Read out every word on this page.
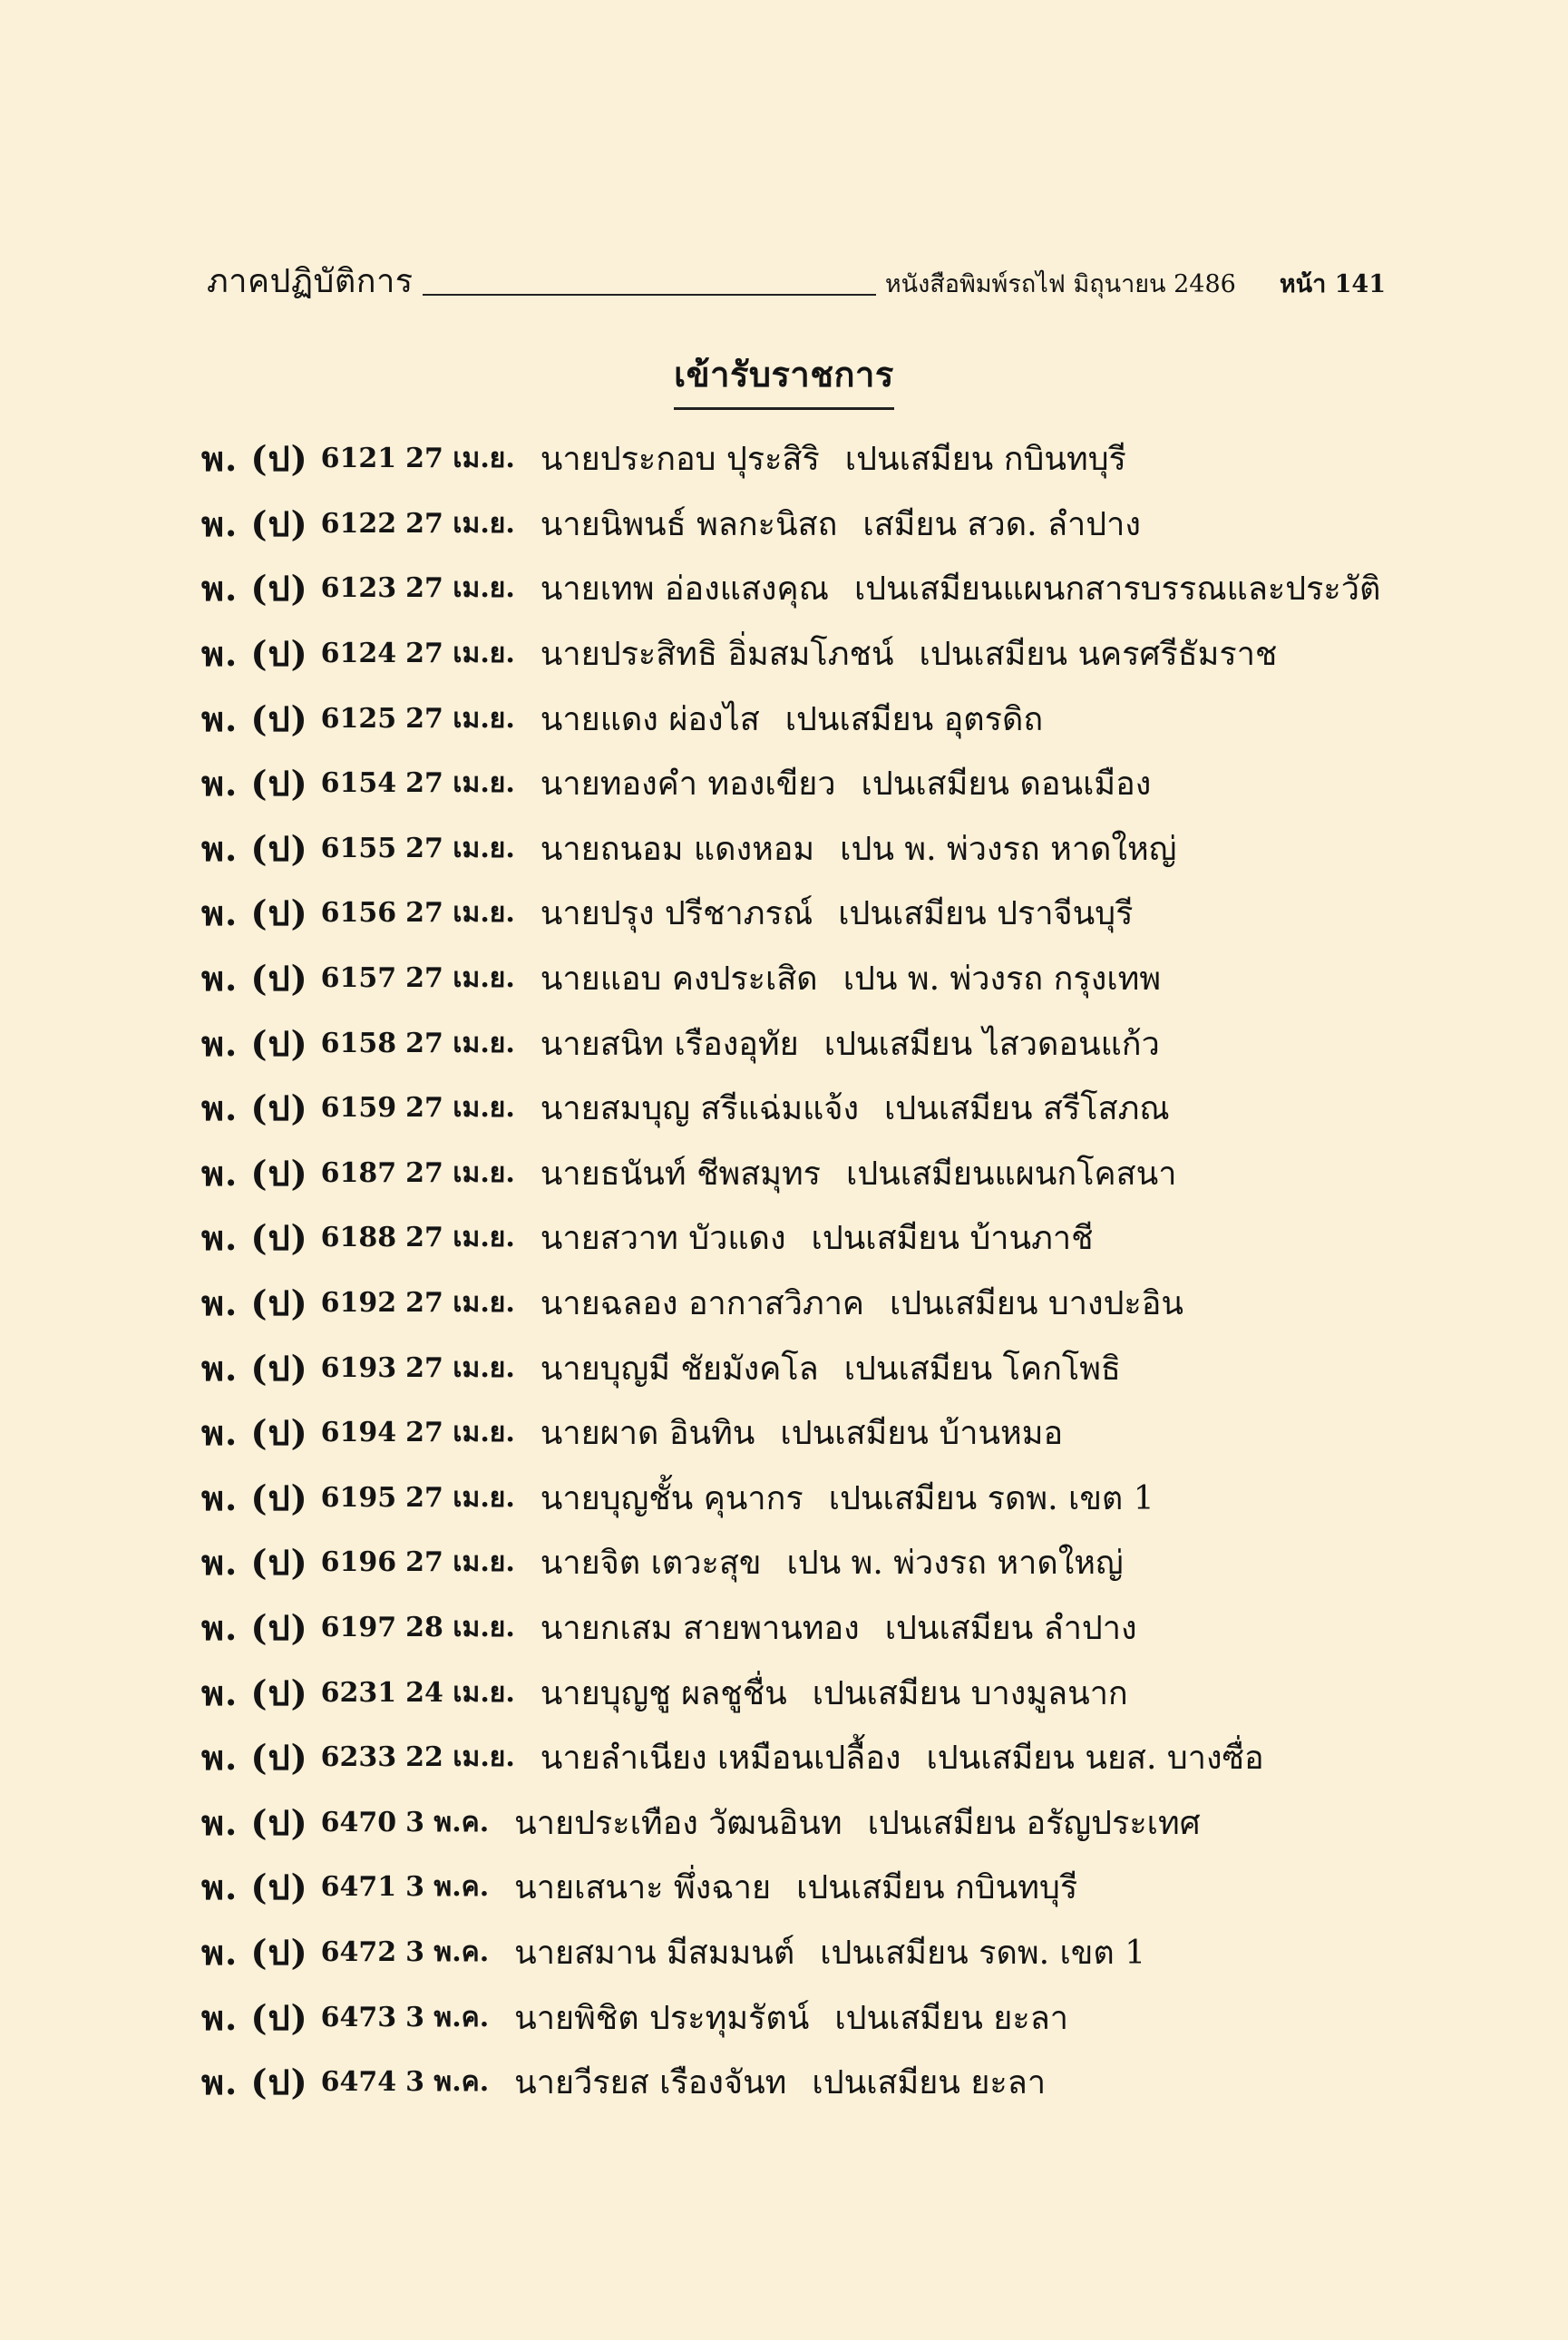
ภาคปฏิบัติการ	หนังสือพิมพ์รถไฟ มิถุนายน 2486 หน้า 141
เข้ารับราชการ
พ. (ป) 6121 27 เม.ย. นายประกอบ ปุระสิริ เปนเสมียน กบินทบุรี
พ. (ป) 6122 27 เม.ย. นายนิพนธ์ พลกะนิสถ เสมียน สวด. ลำปาง
พ. (ป) 6123 27 เม.ย. นายเทพ อ่องแสงคุณ เปนเสมียนแผนกสารบรรณและประวัติ
พ. (ป) 6124 27 เม.ย. นายประสิทธิ อิ่มสมโภชน์ เปนเสมียน นครศรีธัมราช
พ. (ป) 6125 27 เม.ย. นายแดง ผ่องไส เปนเสมียน อุตรดิถ
พ. (ป) 6154 27 เม.ย. นายทองคำ ทองเขียว เปนเสมียน ดอนเมือง
พ. (ป) 6155 27 เม.ย. นายถนอม แดงหอม เปน พ. พ่วงรถ หาดใหญ่
พ. (ป) 6156 27 เม.ย. นายปรุง ปรีชาภรณ์ เปนเสมียน ปราจีนบุรี
พ. (ป) 6157 27 เม.ย. นายแอบ คงประเสิด เปน พ. พ่วงรถ กรุงเทพ
พ. (ป) 6158 27 เม.ย. นายสนิท เรืองอุทัย เปนเสมียน ไสวดอนแก้ว
พ. (ป) 6159 27 เม.ย. นายสมบุญ สรีแฉ่มแจ้ง เปนเสมียน สรีโสภณ
พ. (ป) 6187 27 เม.ย. นายธนันท์ ชีพสมุทร เปนเสมียนแผนกโคสนา
พ. (ป) 6188 27 เม.ย. นายสวาท บัวแดง เปนเสมียน บ้านภาชี
พ. (ป) 6192 27 เม.ย. นายฉลอง อากาสวิภาค เปนเสมียน บางปะอิน
พ. (ป) 6193 27 เม.ย. นายบุญมี ชัยมังคโล เปนเสมียน โคกโพธิ
พ. (ป) 6194 27 เม.ย. นายผาด อินทิน เปนเสมียน บ้านหมอ
พ. (ป) 6195 27 เม.ย. นายบุญชั้น คุนากร เปนเสมียน รดพ. เขต 1
พ. (ป) 6196 27 เม.ย. นายจิต เตวะสุข เปน พ. พ่วงรถ หาดใหญ่
พ. (ป) 6197 28 เม.ย. นายกเสม สายพานทอง เปนเสมียน ลำปาง
พ. (ป) 6231 24 เม.ย. นายบุญชู ผลชูชื่น เปนเสมียน บางมูลนาก
พ. (ป) 6233 22 เม.ย. นายลำเนียง เหมือนเปลื้อง เปนเสมียน นยส. บางซื่อ
พ. (ป) 6470 3 พ.ค. นายประเทือง วัฒนอินท เปนเสมียน อรัญประเทศ
พ. (ป) 6471 3 พ.ค. นายเสนาะ พึ่งฉาย เปนเสมียน กบินทบุรี
พ. (ป) 6472 3 พ.ค. นายสมาน มีสมมนต์ เปนเสมียน รดพ. เขต 1
พ. (ป) 6473 3 พ.ค. นายพิชิต ประทุมรัตน์ เปนเสมียน ยะลา
พ. (ป) 6474 3 พ.ค. นายวีรยส เรืองจันท เปนเสมียน ยะลา
